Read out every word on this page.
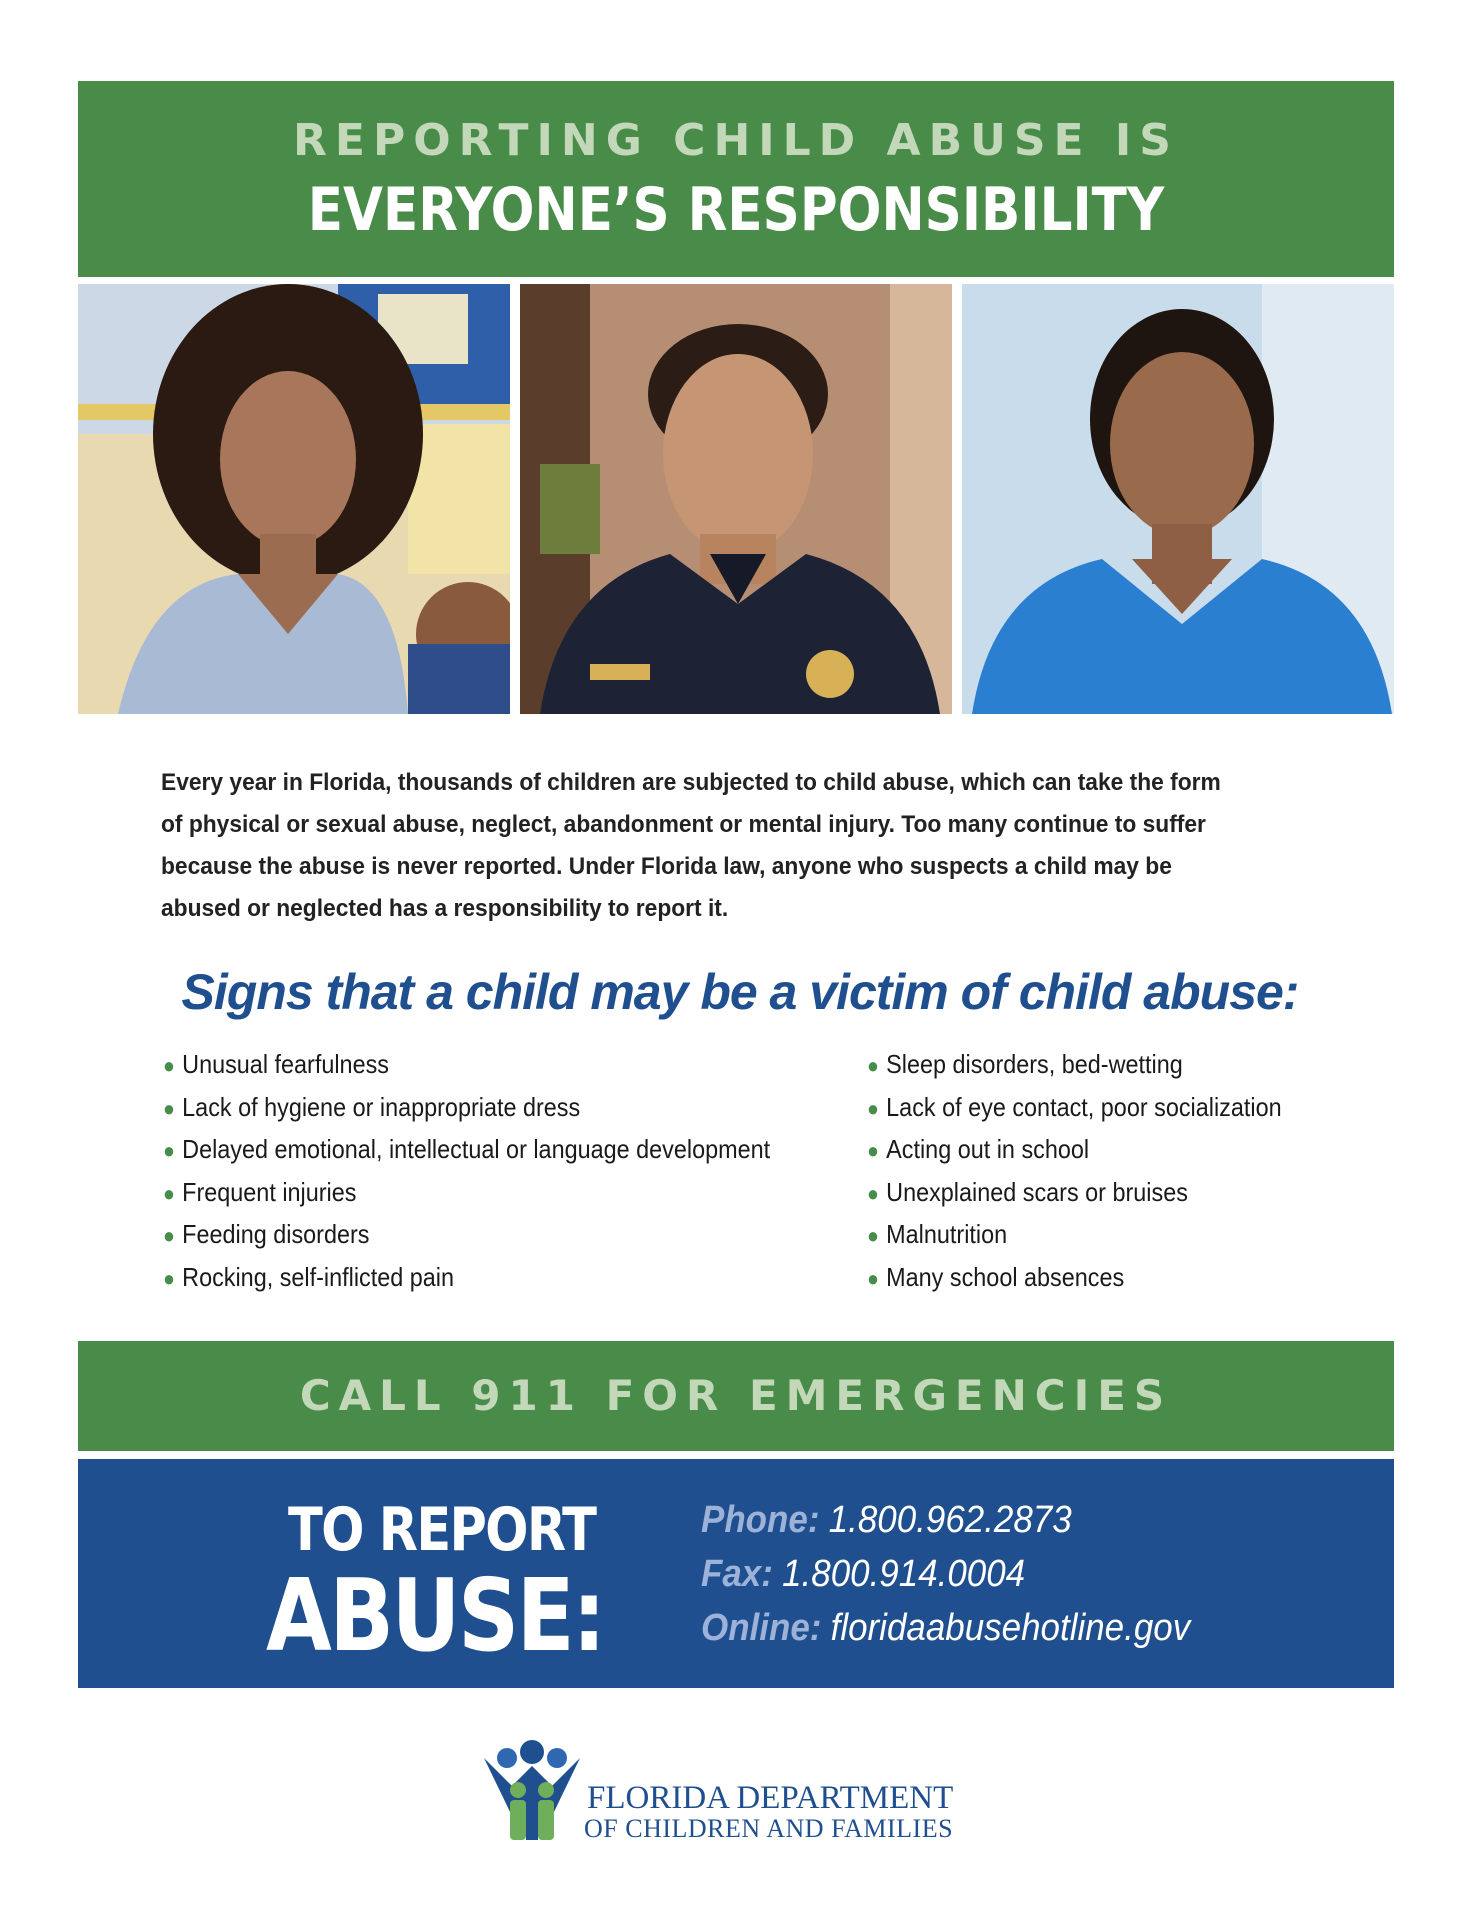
REPORTING CHILD ABUSE IS
EVERYONE’S RESPONSIBILITY
Every year in Florida, thousands of children are subjected to child abuse, which can take the form of physical or sexual abuse, neglect, abandonment or mental injury. Too many continue to suffer because the abuse is never reported. Under Florida law, anyone who suspects a child may be abused or neglected has a responsibility to report it.
Signs that a child may be a victim of child abuse:
● Unusual fearfulness
● Lack of hygiene or inappropriate dress
● Delayed emotional, intellectual or language development
● Frequent injuries
● Feeding disorders
● Rocking, self-inflicted pain
● Sleep disorders, bed-wetting
● Lack of eye contact, poor socialization
● Acting out in school
● Unexplained scars or bruises
● Malnutrition
● Many school absences
CALL 911 FOR EMERGENCIES
TO REPORT
ABUSE:
Phone: 1.800.962.2873
Fax: 1.800.914.0004
Online: floridaabusehotline.gov
FLORIDA DEPARTMENT
OF CHILDREN AND FAMILIES
